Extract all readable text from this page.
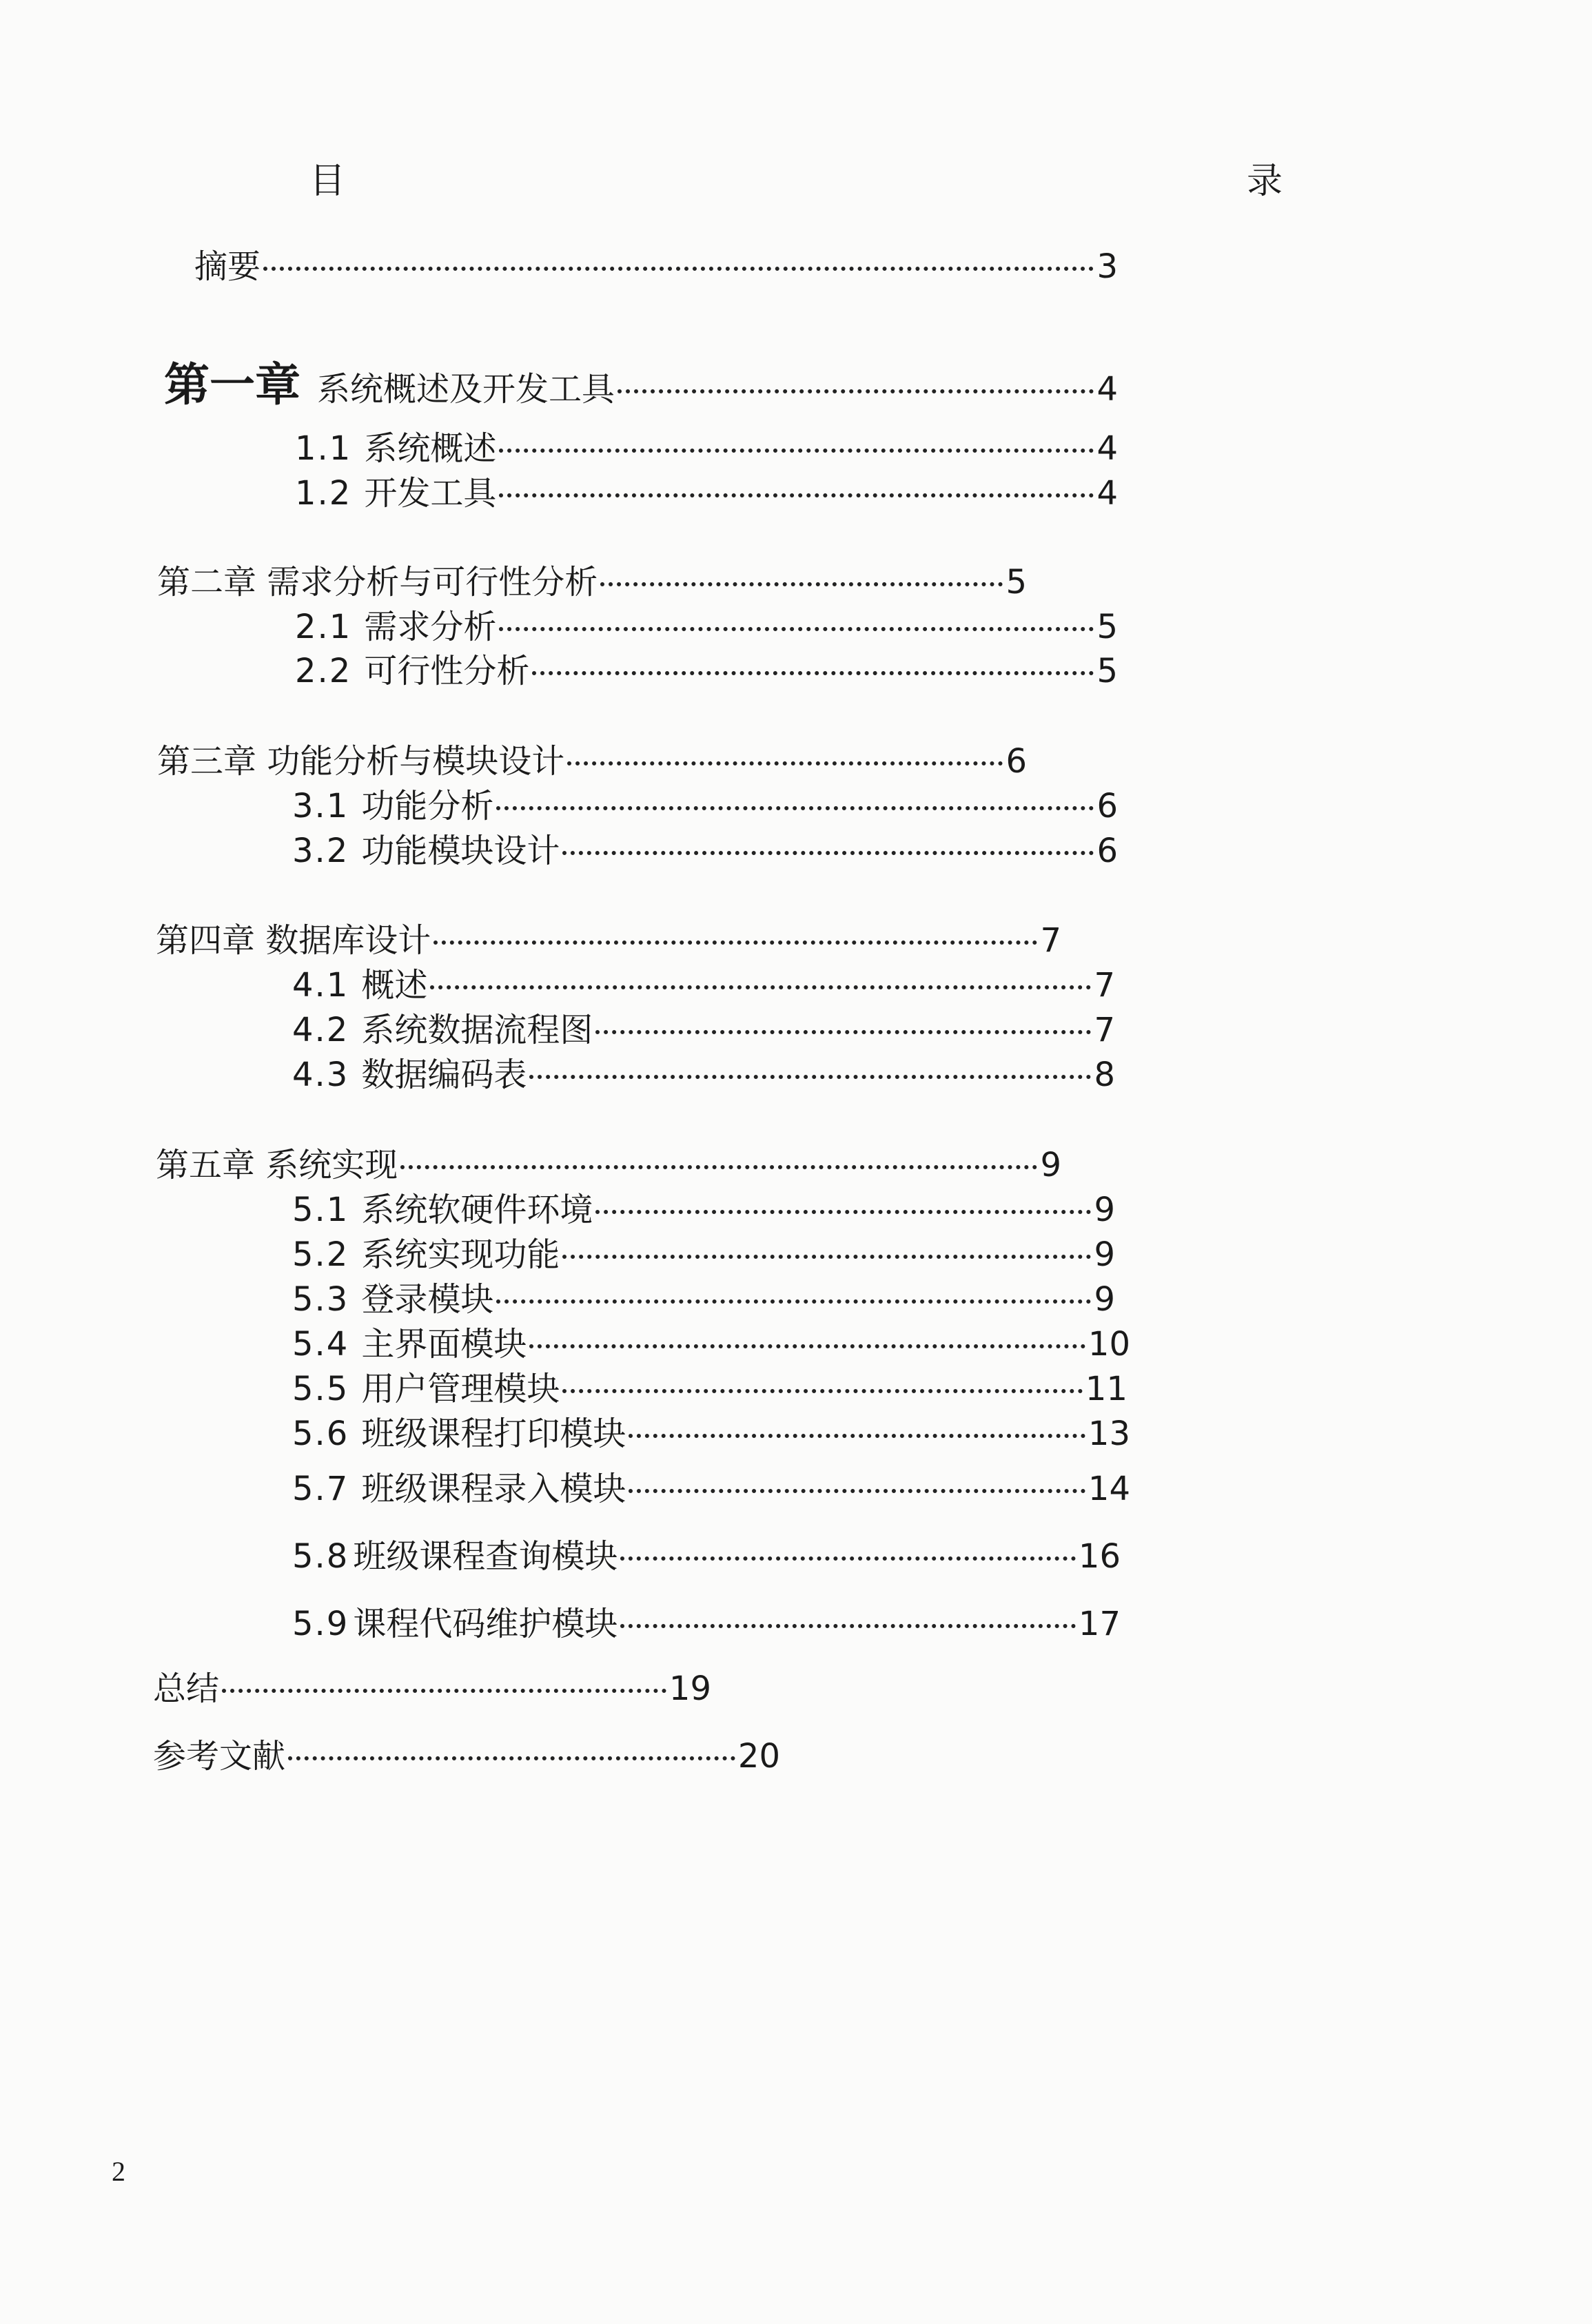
目　　　　录
摘要	3
第一章 系统概述及开发工具	4
1.1 系统概述	4
1.2 开发工具	4
第二章 需求分析与可行性分析	5
2.1 需求分析	5
2.2 可行性分析	5
第三章 功能分析与模块设计	6
3.1 功能分析	6
3.2 功能模块设计	6
第四章 数据库设计	7
4.1 概述	7
4.2 系统数据流程图	7
4.3 数据编码表	8
第五章 系统实现	9
5.1 系统软硬件环境	9
5.2 系统实现功能	9
5.3 登录模块	9
5.4 主界面模块	10
5.5 用户管理模块	11
5.6 班级课程打印模块	13
5.7 班级课程录入模块	14
5.8 班级课程查询模块	16
5.9 课程代码维护模块	17
总结	19
参考文献	20
2
